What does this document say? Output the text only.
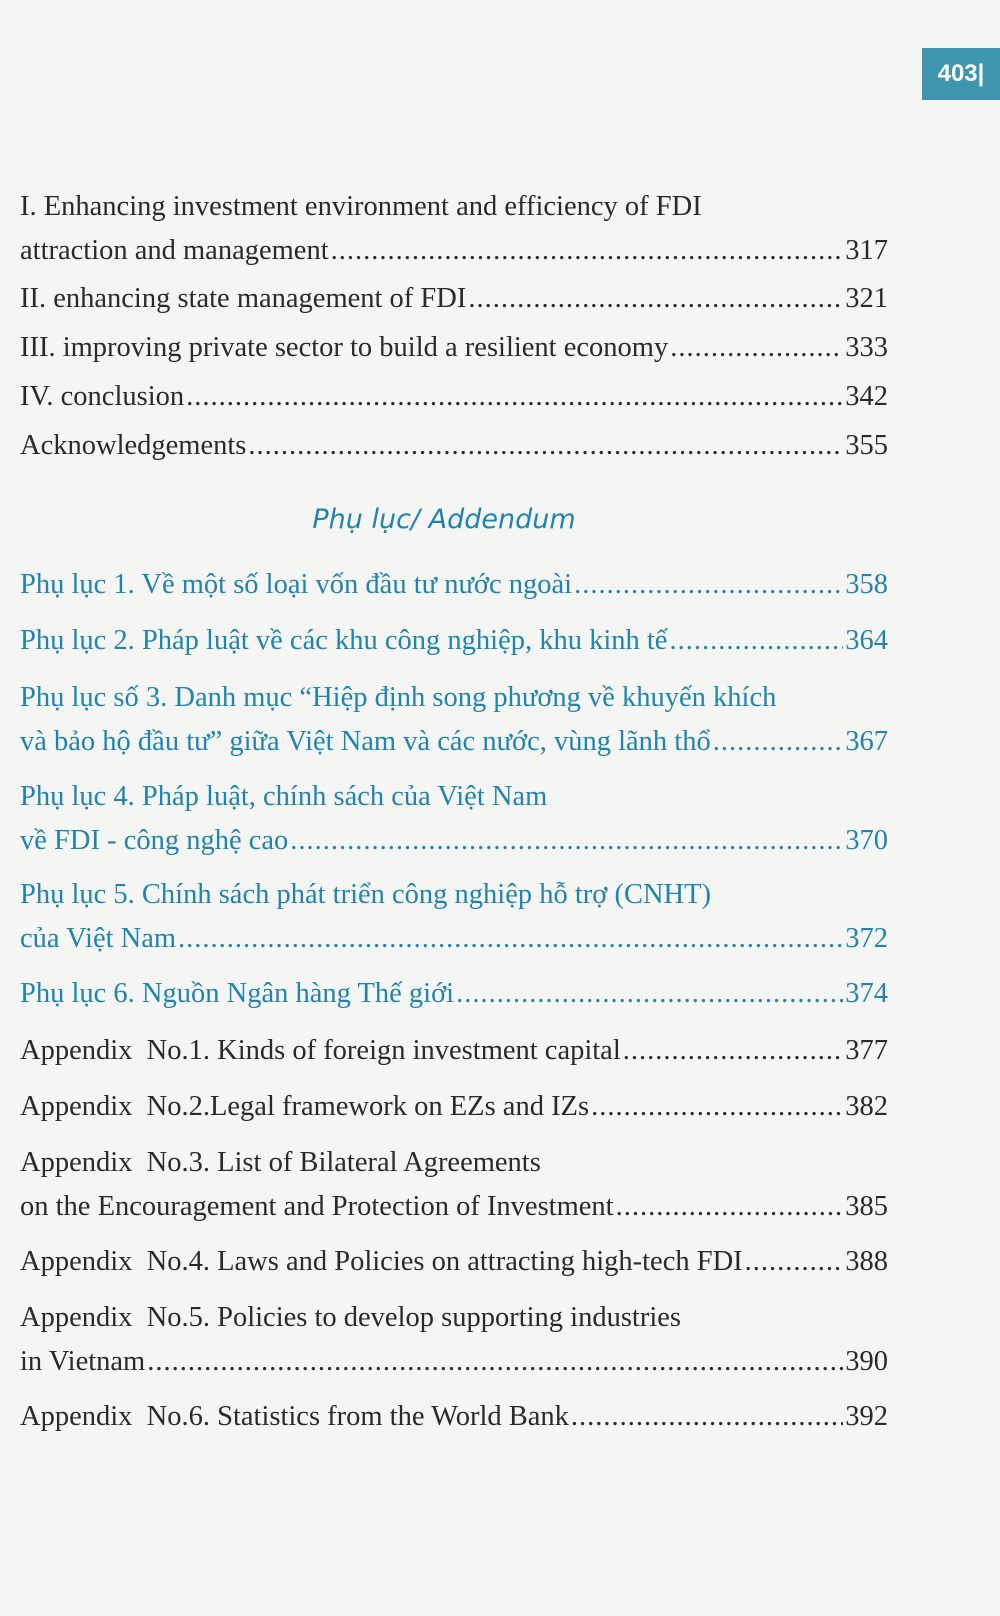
403|
I. Enhancing investment environment and efficiency of FDI
attraction and management .....	317
II. enhancing state management of FDI .....	321
III. improving private sector to build a resilient economy .....	333
IV. conclusion .....	342
Acknowledgements .....	355
Phụ lục/ Addendum
Phụ lục 1. Về một số loại vốn đầu tư nước ngoài .....	358
Phụ lục 2. Pháp luật về các khu công nghiệp, khu kinh tế .....	364
Phụ lục số 3. Danh mục “Hiệp định song phương về khuyến khích
và bảo hộ đầu tư” giữa Việt Nam và các nước, vùng lãnh thổ .....	367
Phụ lục 4. Pháp luật, chính sách của Việt Nam
về FDI - công nghệ cao .....	370
Phụ lục 5. Chính sách phát triển công nghiệp hỗ trợ (CNHT)
của Việt Nam .....	372
Phụ lục 6. Nguồn Ngân hàng Thế giới .....	374
Appendix  No.1. Kinds of foreign investment capital .....	377
Appendix  No.2.Legal framework on EZs and IZs .....	382
Appendix  No.3. List of Bilateral Agreements
on the Encouragement and Protection of Investment .....	385
Appendix  No.4. Laws and Policies on attracting high-tech FDI .....	388
Appendix  No.5. Policies to develop supporting industries
in Vietnam .....	390
Appendix  No.6. Statistics from the World Bank .....	392
